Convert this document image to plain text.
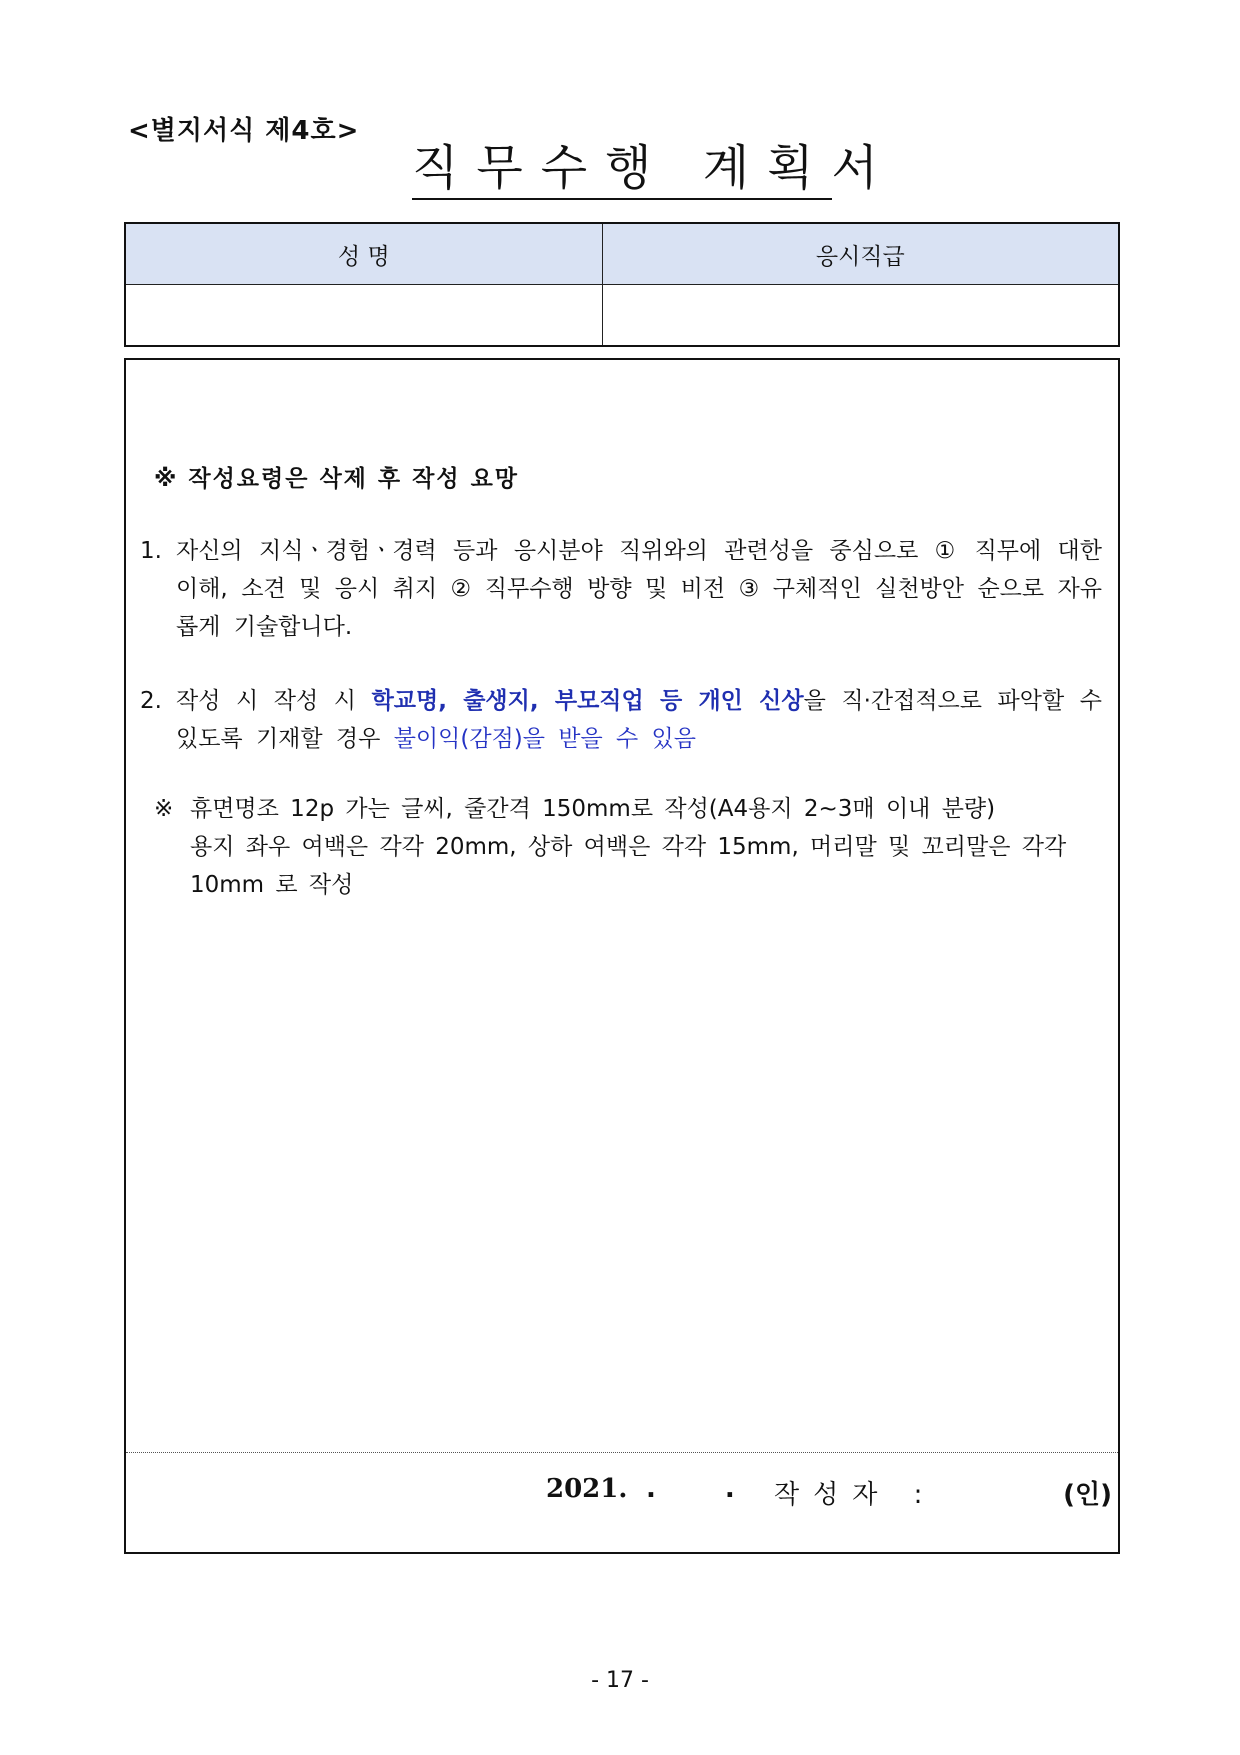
<별지서식 제4호>
직무수행 계획서
성 명	응시직급

※ 작성요령은 삭제 후 작성 요망
1. 자신의 지식ㆍ경험ㆍ경력 등과 응시분야 직위와의 관련성을 중심으로 ① 직무에 대한 이해, 소견 및 응시 취지 ② 직무수행 방향 및 비전 ③ 구체적인 실천방안 순으로 자유롭게 기술합니다.
2. 작성 시 작성 시 학교명, 출생지, 부모직업 등 개인 신상을 직·간접적으로 파악할 수 있도록 기재할 경우 불이익(감점)을 받을 수 있음
※ 휴면명조 12p 가는 글씨, 줄간격 150mm로 작성(A4용지 2~3매 이내 분량)
용지 좌우 여백은 각각 20mm, 상하 여백은 각각 15mm, 머리말 및 꼬리말은 각각 10mm 로 작성
2021. . . 작성자 :	(인)
- 17 -
